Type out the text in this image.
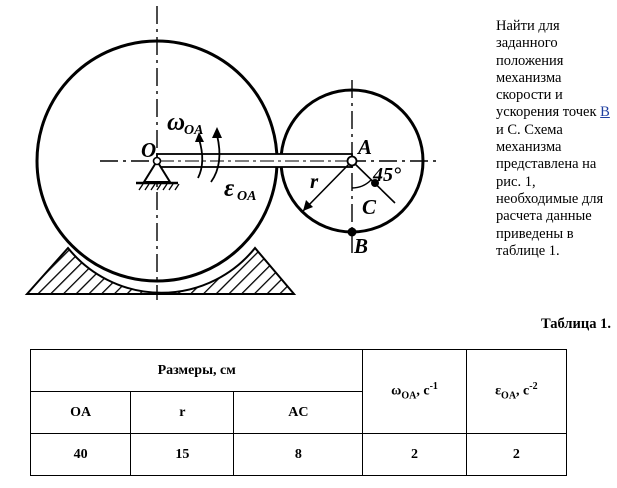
O	A
B
C
r	45°
ω
OA
ε OA
Найти для заданного положения механизма скорости и ускорения точек В и С. Схема механизма представлена на рис. 1, необходимые для расчета данные приведены в таблице 1.
Таблица 1.
Размеры, см			$\omega_{OA}$, $с^{-1}$	$\varepsilon_{OA}$, $с^{-2}$
OA	r	AC		
40	15	8	2	2
